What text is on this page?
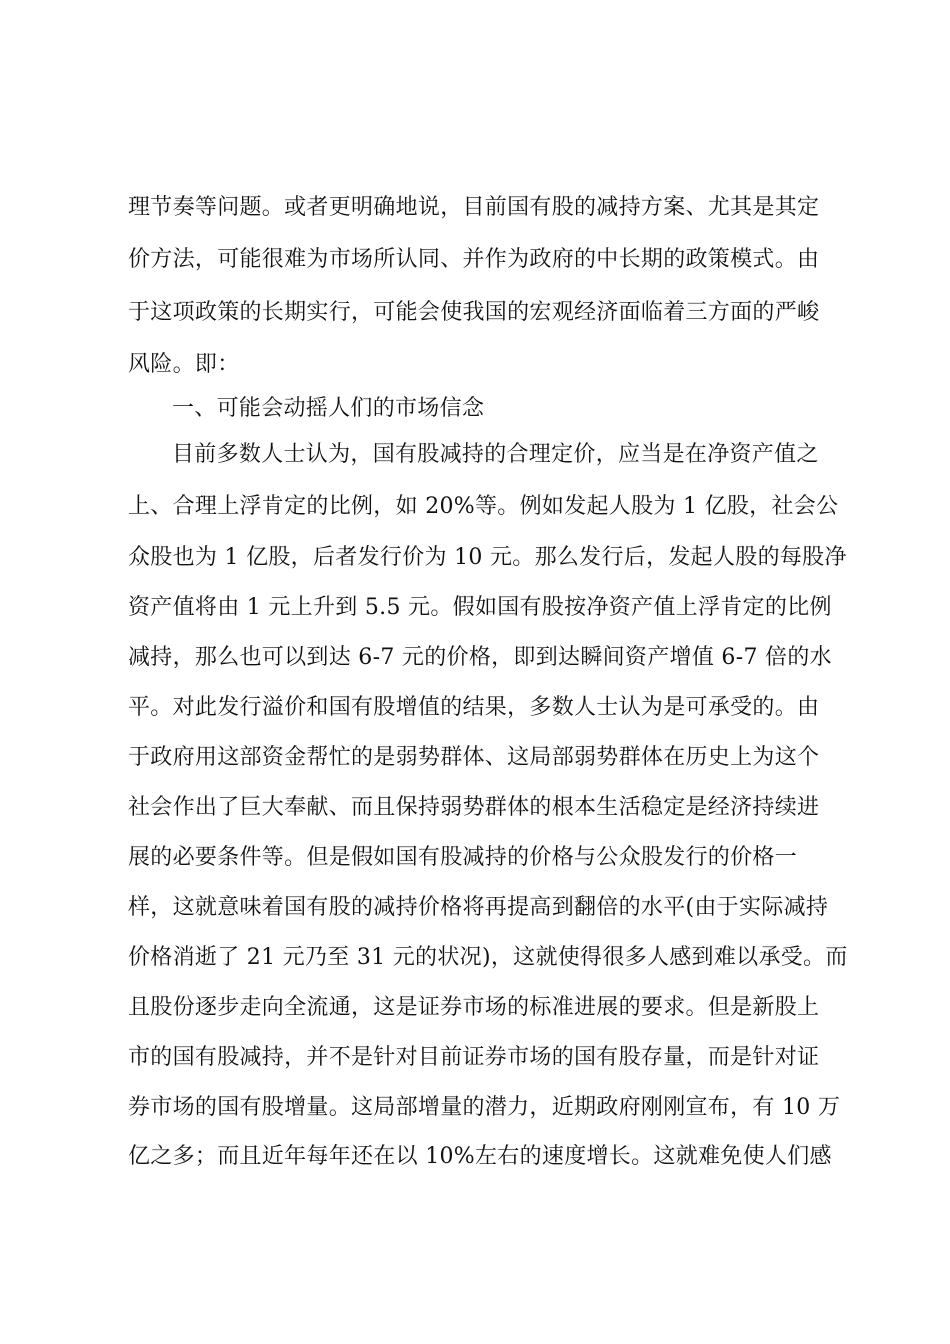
理节奏等问题。或者更明确地说，目前国有股的减持方案、尤其是其定
价方法，可能很难为市场所认同、并作为政府的中长期的政策模式。由
于这项政策的长期实行，可能会使我国的宏观经济面临着三方面的严峻
风险。即：
一、可能会动摇人们的市场信念
目前多数人士认为，国有股减持的合理定价，应当是在净资产值之
上、合理上浮肯定的比例，如 20%等。例如发起人股为 1 亿股，社会公
众股也为 1 亿股，后者发行价为 10 元。那么发行后，发起人股的每股净
资产值将由 1 元上升到 5.5 元。假如国有股按净资产值上浮肯定的比例
减持，那么也可以到达 6-7 元的价格，即到达瞬间资产增值 6-7 倍的水
平。对此发行溢价和国有股增值的结果，多数人士认为是可承受的。由
于政府用这部资金帮忙的是弱势群体、这局部弱势群体在历史上为这个
社会作出了巨大奉献、而且保持弱势群体的根本生活稳定是经济持续进
展的必要条件等。但是假如国有股减持的价格与公众股发行的价格一
样，这就意味着国有股的减持价格将再提高到翻倍的水平(由于实际减持
价格消逝了 21 元乃至 31 元的状况)，这就使得很多人感到难以承受。而
且股份逐步走向全流通，这是证券市场的标准进展的要求。但是新股上
市的国有股减持，并不是针对目前证券市场的国有股存量，而是针对证
券市场的国有股增量。这局部增量的潜力，近期政府刚刚宣布，有 10 万
亿之多；而且近年每年还在以 10%左右的速度增长。这就难免使人们感
